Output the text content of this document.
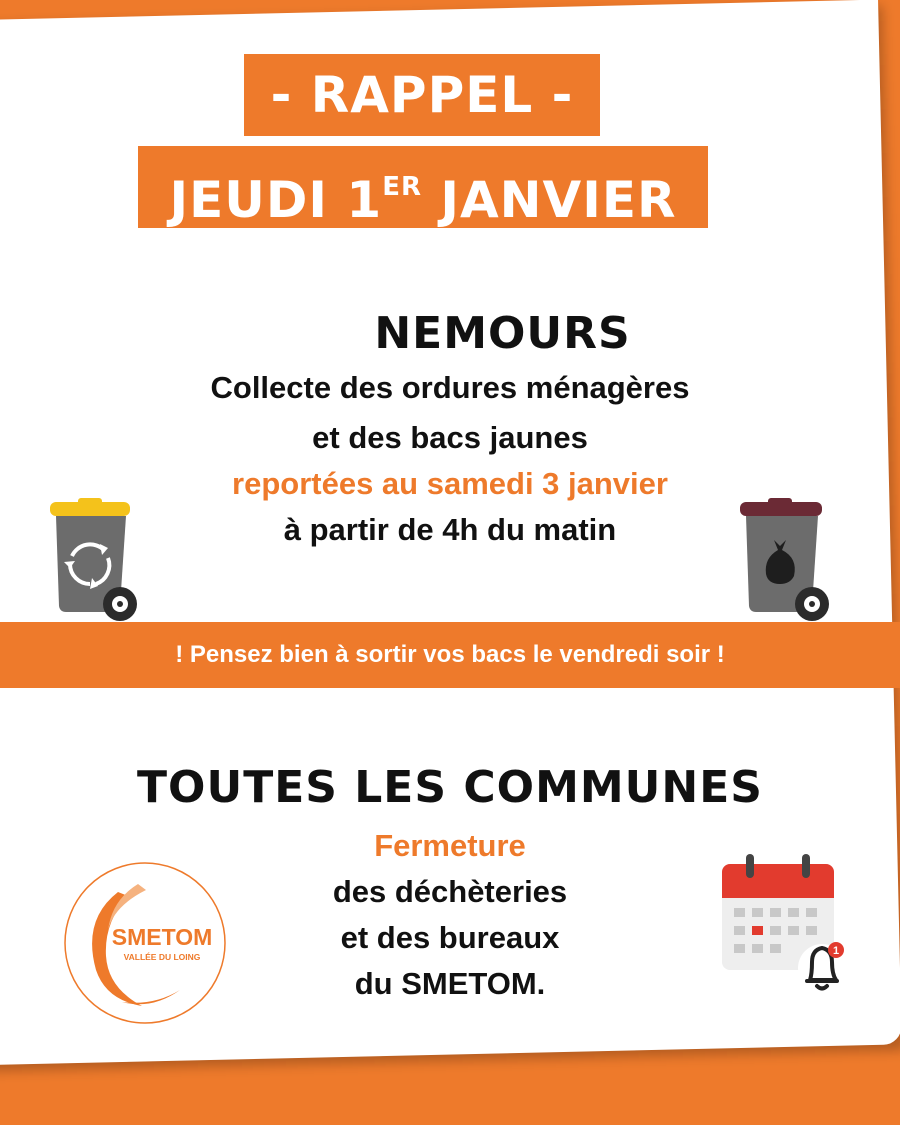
- RAPPEL -
JEUDI 1ER JANVIER
NEMOURS
Collecte des ordures ménagères
et des bacs jaunes
reportées au samedi 3 janvier
à partir de 4h du matin
! Pensez bien à sortir vos bacs le vendredi soir !
TOUTES LES COMMUNES
Fermeture
des déchèteries
et des bureaux
du SMETOM.
SMETOM
VALLÉE DU LOING	1
